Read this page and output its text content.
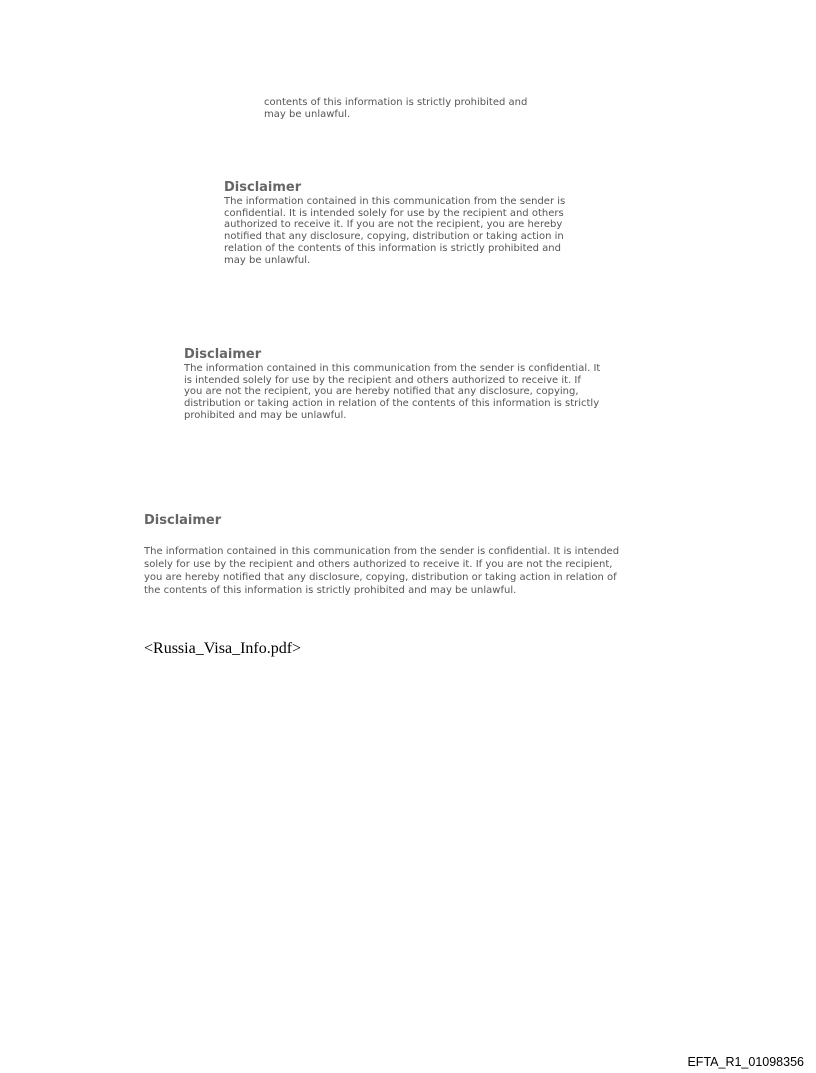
contents of this information is strictly prohibited and

may be unlawful.

Disclaimer

The information contained in this communication from the sender is

confidential. It is intended solely for use by the recipient and others

authorized to receive it. If you are not the recipient, you are hereby

notified that any disclosure, copying, distribution or taking action in

relation of the contents of this information is strictly prohibited and

may be unlawful.

Disclaimer

The information contained in this communication from the sender is confidential. It

is intended solely for use by the recipient and others authorized to receive it. If

you are not the recipient, you are hereby notified that any disclosure, copying,

distribution or taking action in relation of the contents of this information is strictly

prohibited and may be unlawful.

Disclaimer

The information contained in this communication from the sender is confidential. It is intended

solely for use by the recipient and others authorized to receive it. If you are not the recipient,

you are hereby notified that any disclosure, copying, distribution or taking action in relation of

the contents of this information is strictly prohibited and may be unlawful.

<Russia_Visa_Info.pdf>
EFTA_R1_01098356
